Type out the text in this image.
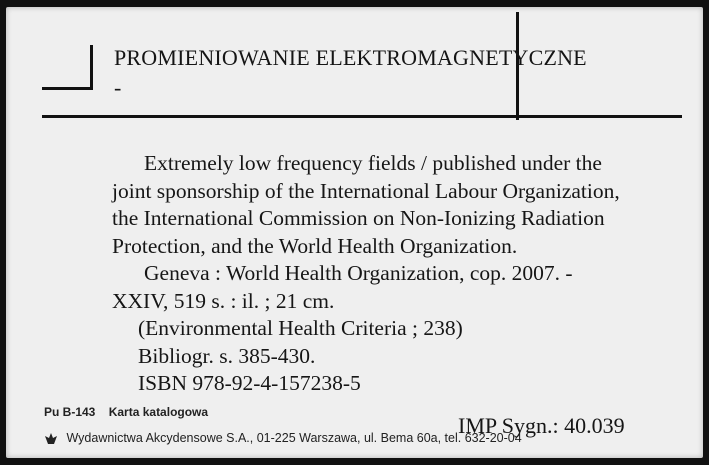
PROMIENIOWANIE ELEKTROMAGNETYCZNE
-

Extremely low frequency fields / published under the joint sponsorship of the International Labour Organization, the International Commission on Non-Ionizing Radiation Protection, and the World Health Organization.

Geneva : World Health Organization, cop. 2007. - XXIV, 519 s. : il. ; 21 cm.

(Environmental Health Criteria ; 238)

Bibliogr. s. 385-430.

ISBN 978-92-4-157238-5

Pu B-143 Karta katalogowa
Wydawnictwa Akcydensowe S.A., 01-225 Warszawa, ul. Bema 60a, tel. 632-20-04
IMP Sygn.: 40.039
